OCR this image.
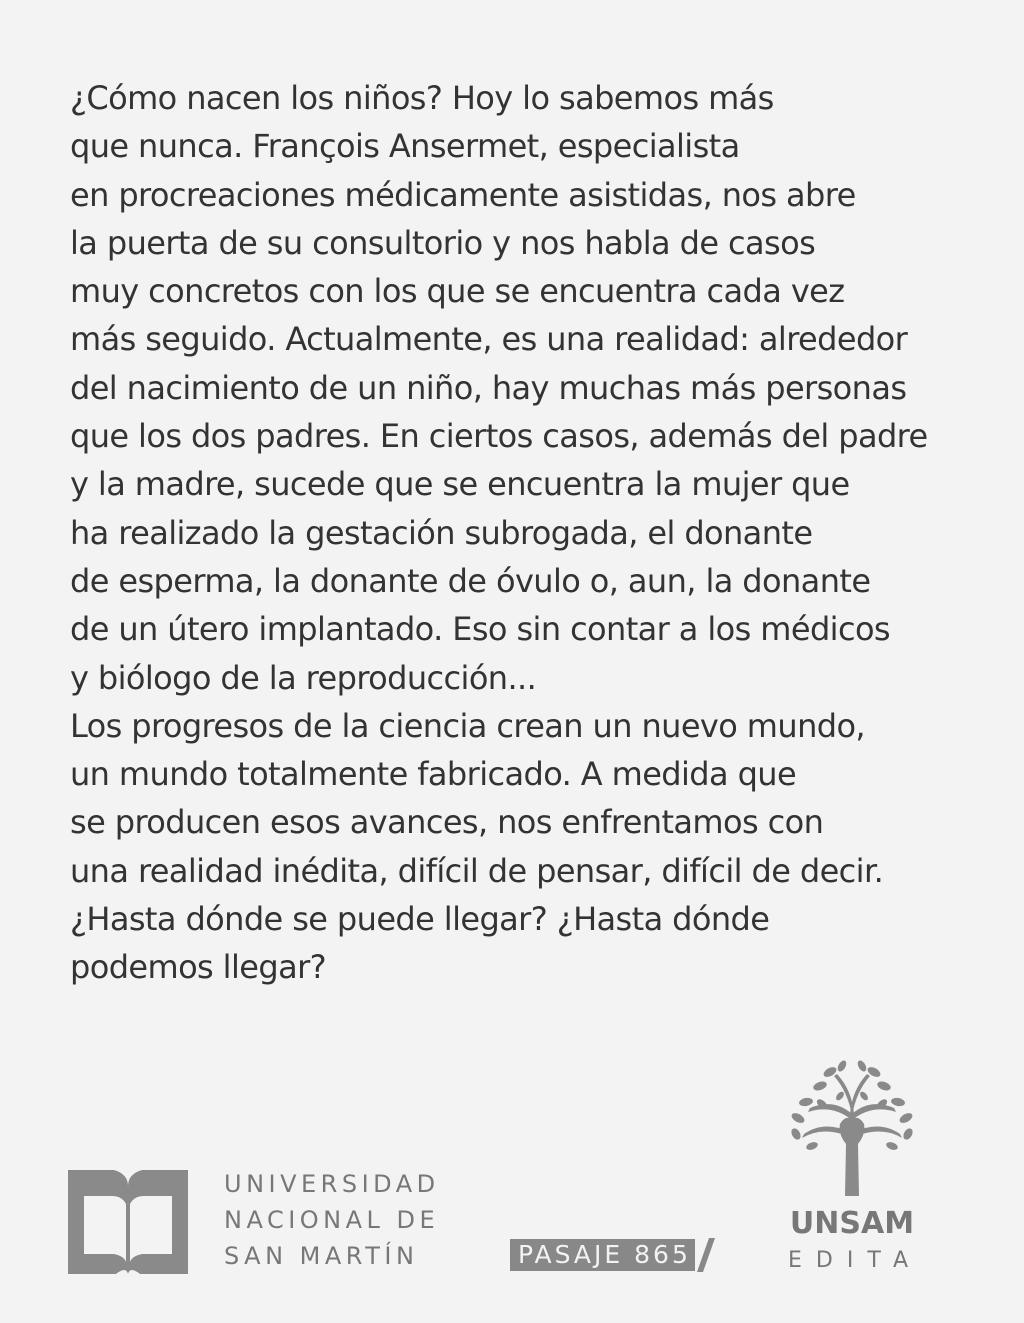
¿Cómo nacen los niños? Hoy lo sabemos más
que nunca. François Ansermet, especialista
en procreaciones médicamente asistidas, nos abre
la puerta de su consultorio y nos habla de casos
muy concretos con los que se encuentra cada vez
más seguido. Actualmente, es una realidad: alrededor
del nacimiento de un niño, hay muchas más personas
que los dos padres. En ciertos casos, además del padre
y la madre, sucede que se encuentra la mujer que
ha realizado la gestación subrogada, el donante
de esperma, la donante de óvulo o, aun, la donante
de un útero implantado. Eso sin contar a los médicos
y biólogo de la reproducción...
Los progresos de la ciencia crean un nuevo mundo,
un mundo totalmente fabricado. A medida que
se producen esos avances, nos enfrentamos con
una realidad inédita, difícil de pensar, difícil de decir.
¿Hasta dónde se puede llegar? ¿Hasta dónde
podemos llegar?
UNIVERSIDAD
NACIONAL DE
SAN MARTÍN	PASAJE 865
UNSAM
EDITA
